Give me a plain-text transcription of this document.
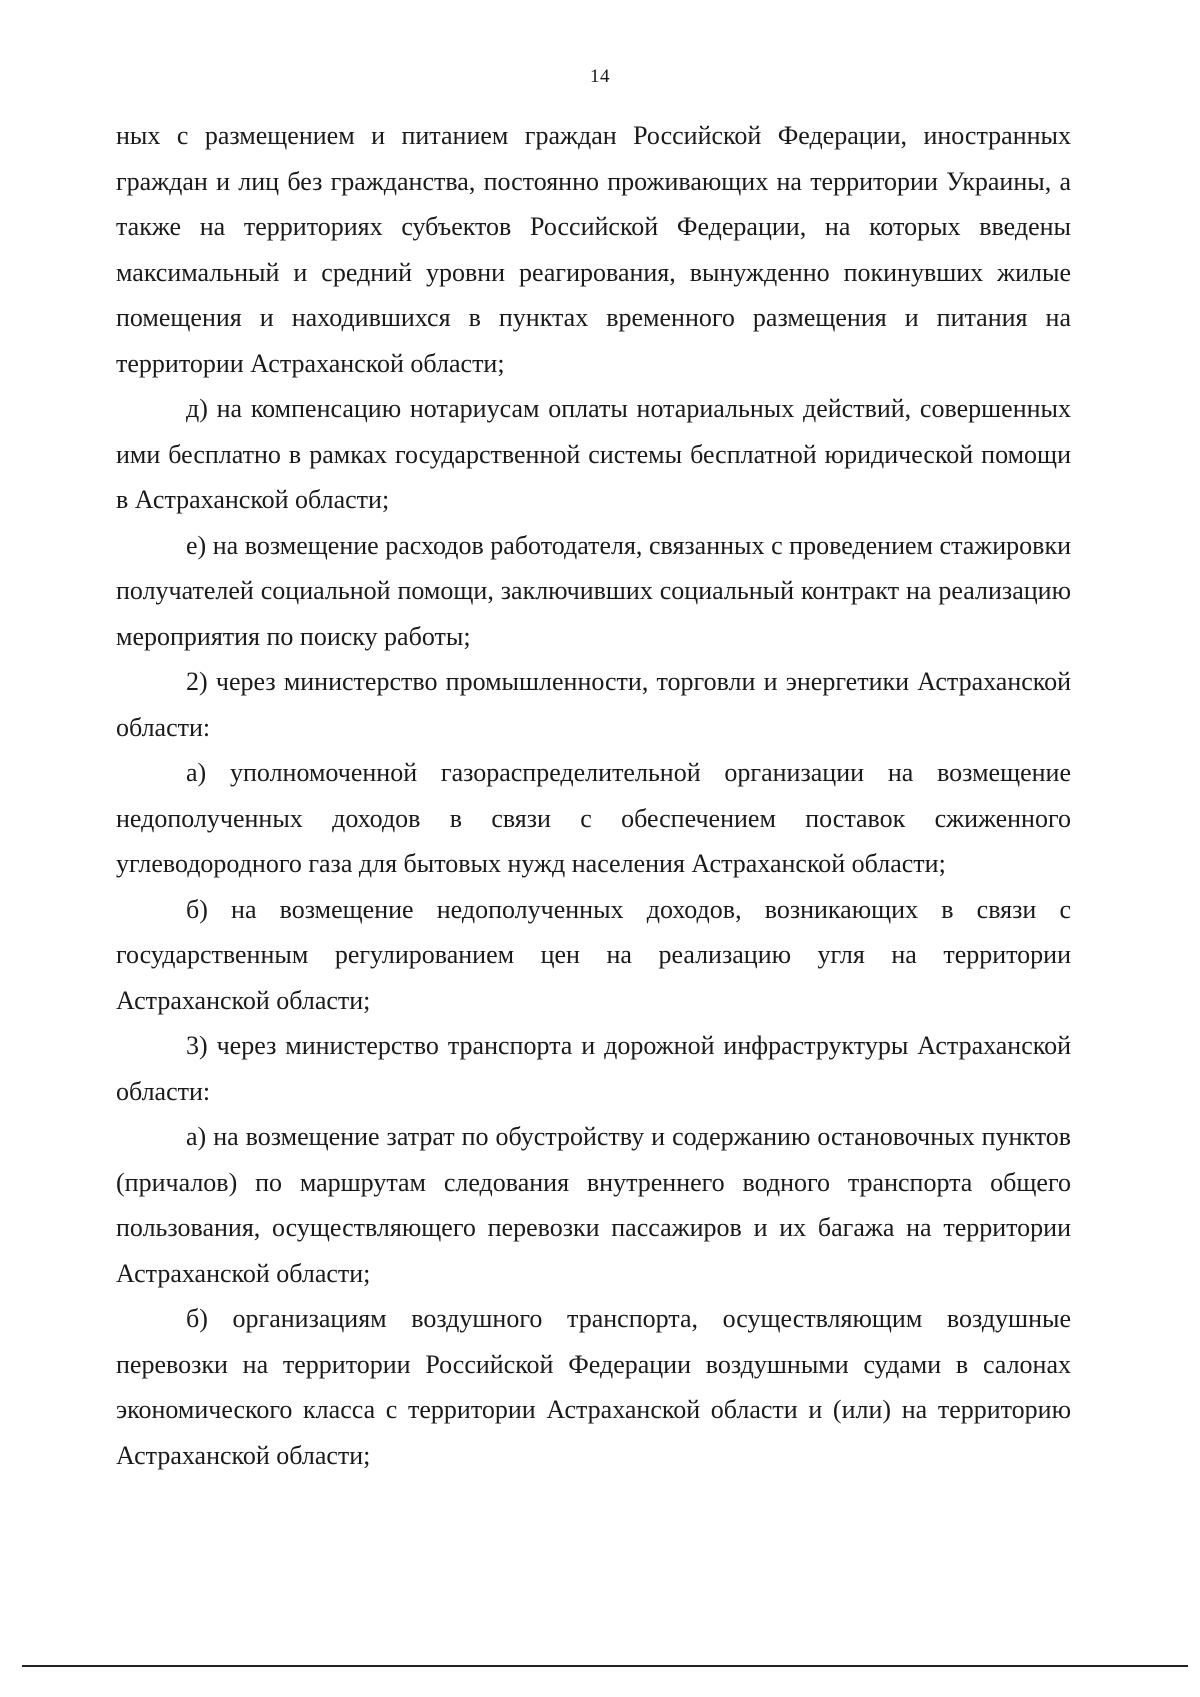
14

ных с размещением и питанием граждан Российской Федерации, иностранных граждан и лиц без гражданства, постоянно проживающих на территории Украины, а также на территориях субъектов Российской Федерации, на которых введены максимальный и средний уровни реагирования, вынужденно покинувших жилые помещения и находившихся в пунктах временного размещения и питания на территории Астраханской области;

д) на компенсацию нотариусам оплаты нотариальных действий, совершенных ими бесплатно в рамках государственной системы бесплатной юридической помощи в Астраханской области;

е) на возмещение расходов работодателя, связанных с проведением стажировки получателей социальной помощи, заключивших социальный контракт на реализацию мероприятия по поиску работы;

2) через министерство промышленности, торговли и энергетики Астраханской области:

а) уполномоченной газораспределительной организации на возмещение недополученных доходов в связи с обеспечением поставок сжиженного углеводородного газа для бытовых нужд населения Астраханской области;

б) на возмещение недополученных доходов, возникающих в связи с государственным регулированием цен на реализацию угля на территории Астраханской области;

3) через министерство транспорта и дорожной инфраструктуры Астраханской области:

а) на возмещение затрат по обустройству и содержанию остановочных пунктов (причалов) по маршрутам следования внутреннего водного транспорта общего пользования, осуществляющего перевозки пассажиров и их багажа на территории Астраханской области;

б) организациям воздушного транспорта, осуществляющим воздушные перевозки на территории Российской Федерации воздушными судами в салонах экономического класса с территории Астраханской области и (или) на территорию Астраханской области;
